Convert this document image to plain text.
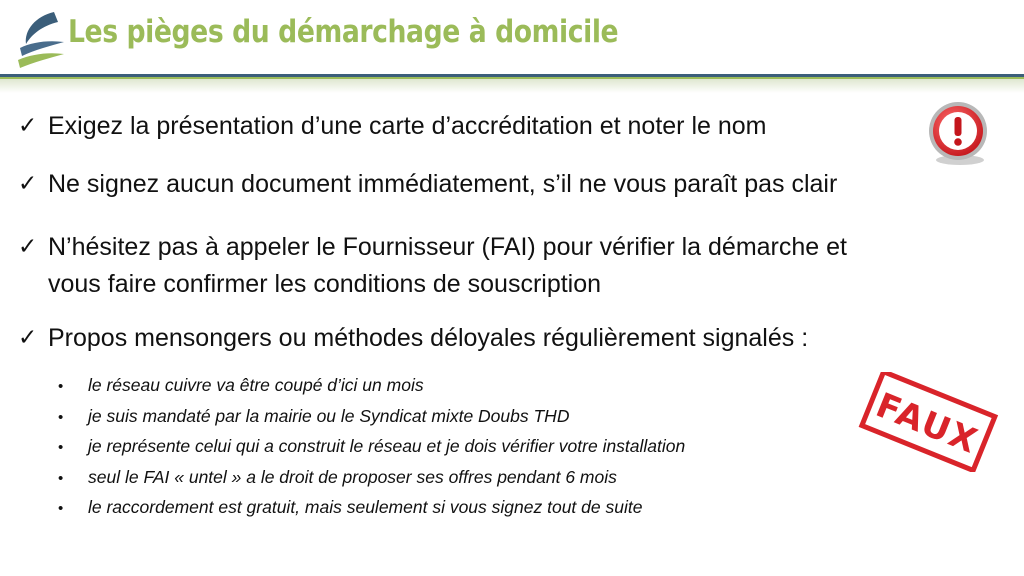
Les pièges du démarchage à domicile
✓ Exigez la présentation d’une carte d’accréditation et noter le nom
✓ Ne signez aucun document immédiatement, s’il ne vous paraît pas clair
✓ N’hésitez pas à appeler le Fournisseur (FAI) pour vérifier la démarche et
vous faire confirmer les conditions de souscription
✓ Propos mensongers ou méthodes déloyales régulièrement signalés :
• le réseau cuivre va être coupé d’ici un mois
• je suis mandaté par la mairie ou le Syndicat mixte Doubs THD
• je représente celui qui a construit le réseau et je dois vérifier votre installation
• seul le FAI « untel » a le droit de proposer ses offres pendant 6 mois
• le raccordement est gratuit, mais seulement si vous signez tout de suite
FAUX
